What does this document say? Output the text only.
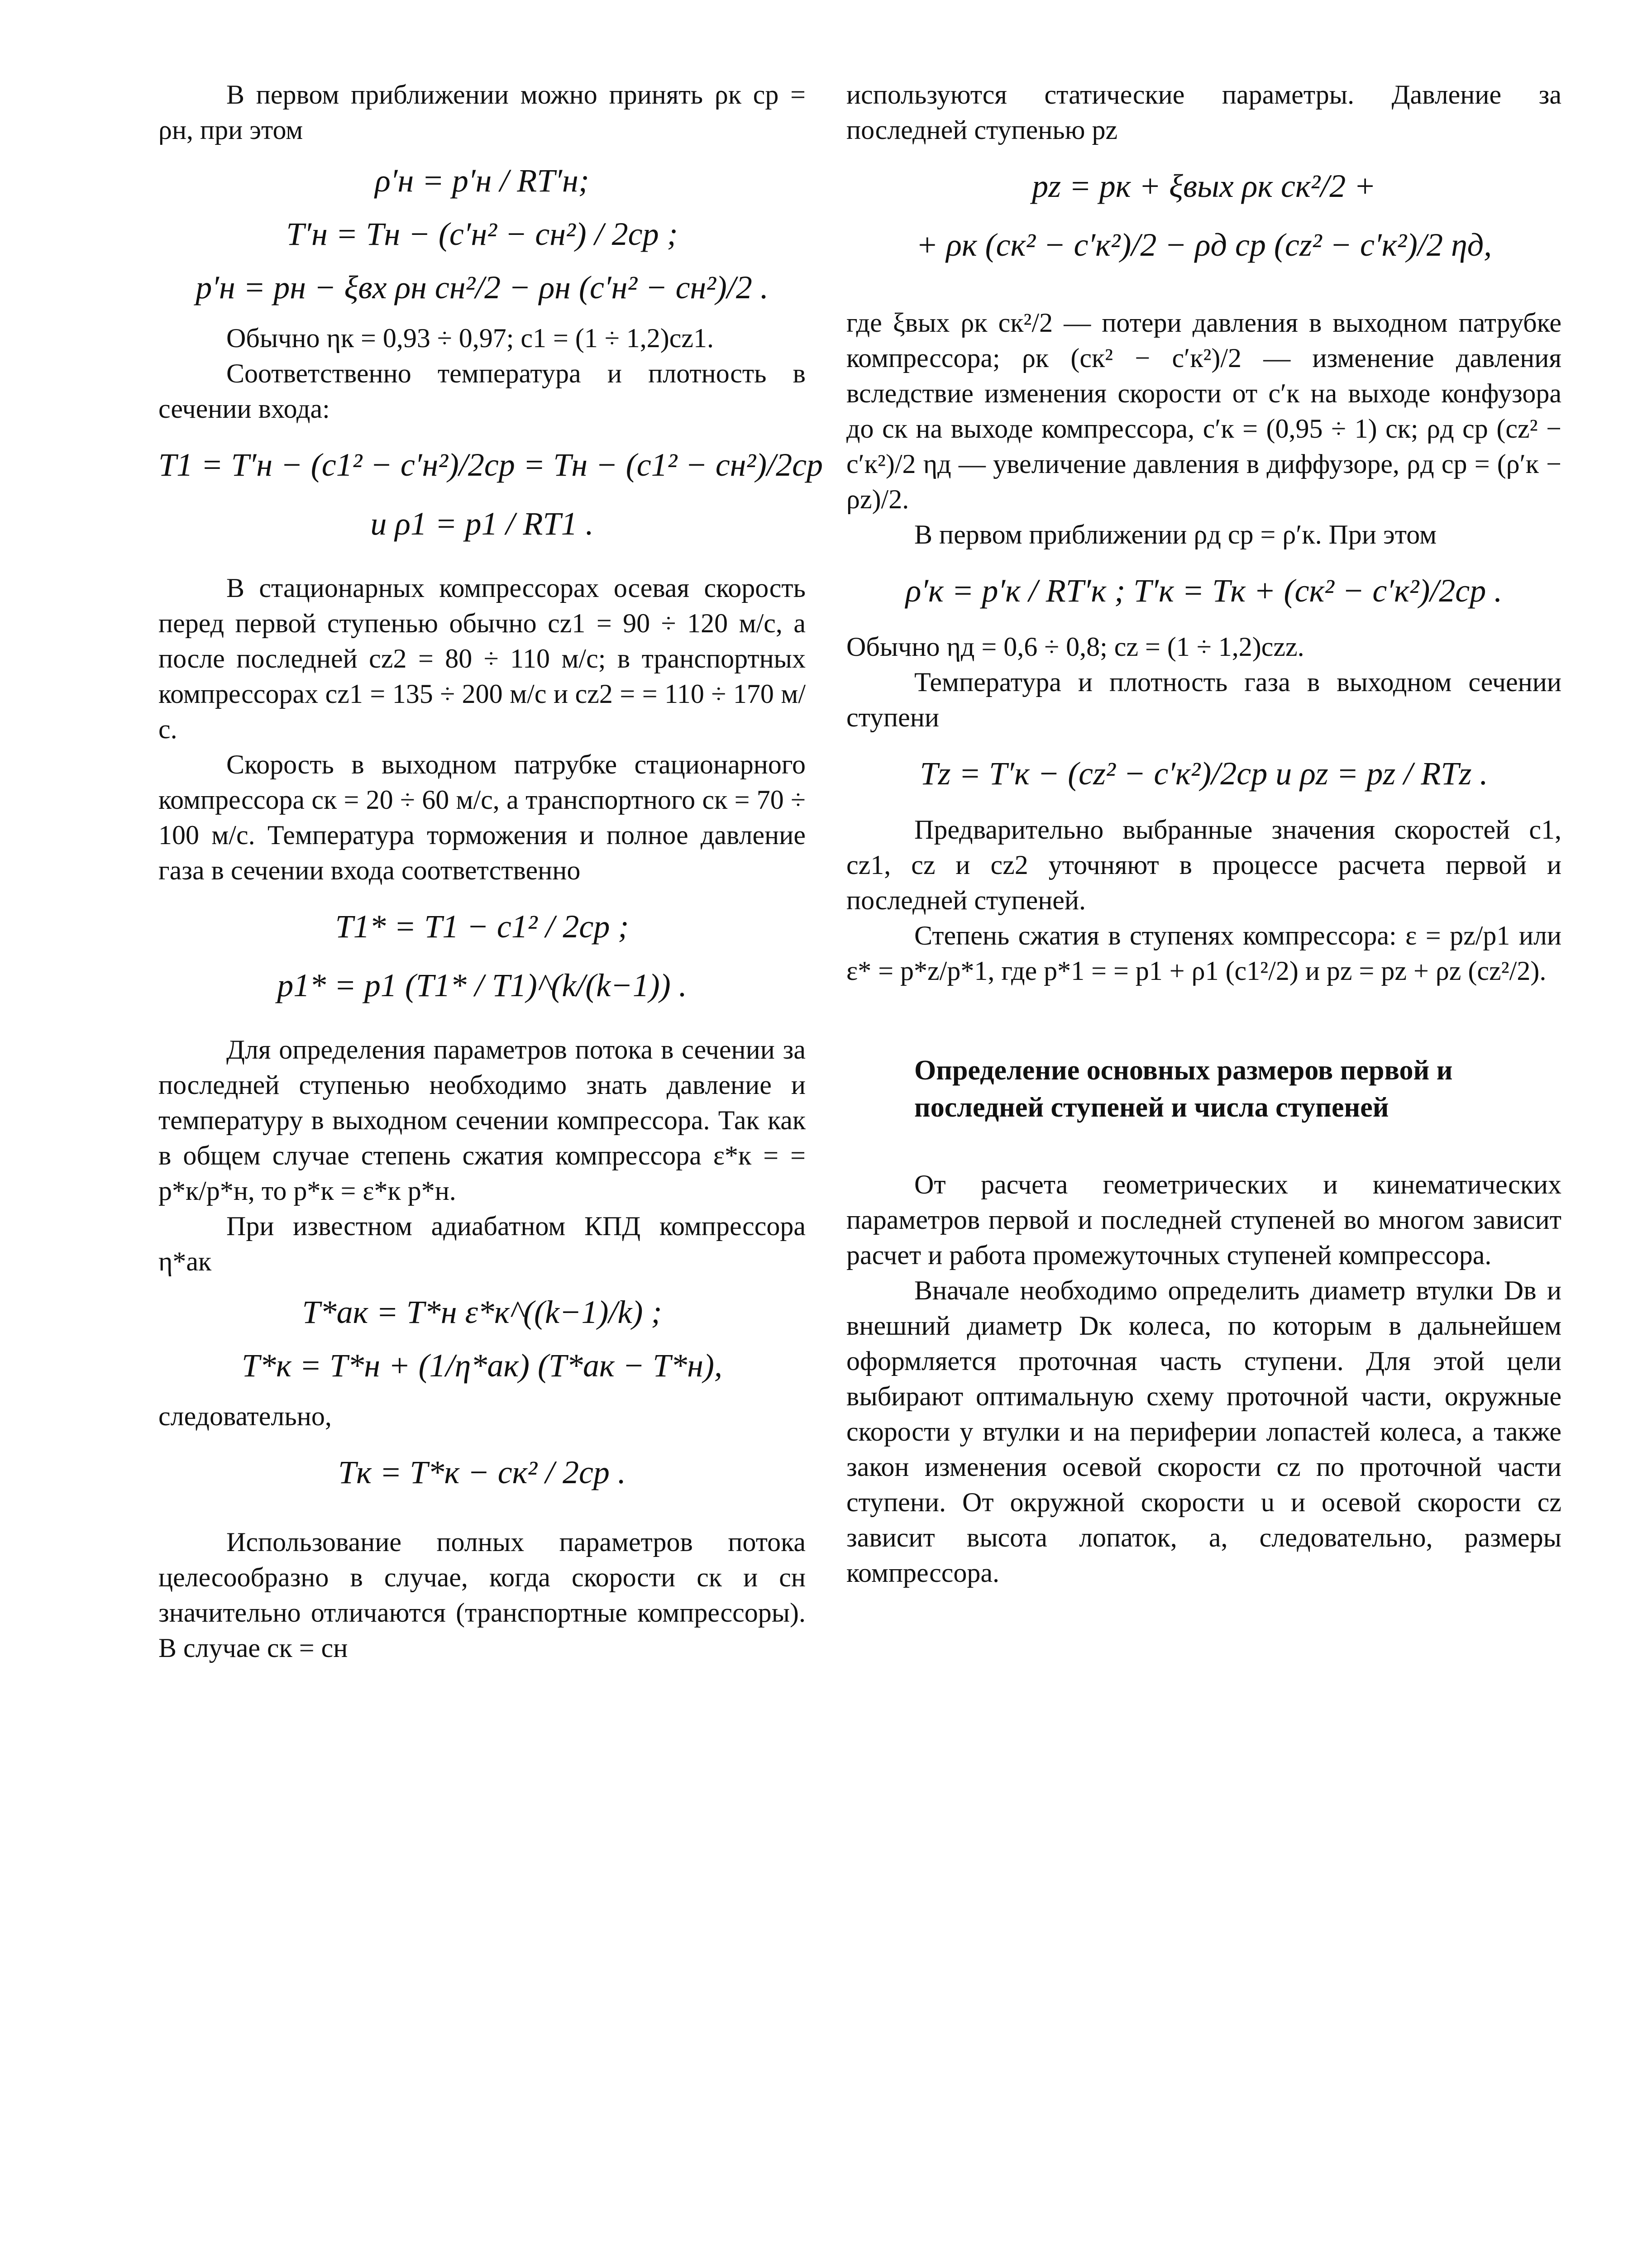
В первом приближении можно принять ρк ср = ρн, при этом

ρ′н = p′н / RT′н;
T′н = Tн − (c′н² − cн²) / 2cp ;
p′н = pн − ξвх ρн cн²/2 − ρн (c′н² − cн²)/2 .

Обычно ηк = 0,93 ÷ 0,97; c1 = (1 ÷ 1,2)cz1.

Соответственно температура и плотность в сечении входа:

T1 = T′н − (c1² − c′н²)/2cp = Tн − (c1² − cн²)/2cp
и ρ1 = p1 / RT1 .

В стационарных компрессорах осевая скорость перед первой ступенью обычно cz1 = 90 ÷ 120 м/с, а после последней cz2 = 80 ÷ 110 м/с; в транспортных компрессорах cz1 = 135 ÷ 200 м/с и cz2 = = 110 ÷ 170 м/с.

Скорость в выходном патрубке стационарного компрессора cк = 20 ÷ 60 м/с, а транспортного cк = 70 ÷ 100 м/с. Температура торможения и полное давление газа в сечении входа соответственно

T1* = T1 − c1² / 2cp ;
p1* = p1 (T1* / T1)^(k/(k−1)) .

Для определения параметров потока в сечении за последней ступенью необходимо знать давление и температуру в выходном сечении компрессора. Так как в общем случае степень сжатия компрессора ε*к = = p*к/p*н, то p*к = ε*к p*н.

При известном адиабатном КПД компрессора η*ак

T*ак = T*н ε*к^((k−1)/k) ;
T*к = T*н + (1/η*ак) (T*ак − T*н),

следовательно,

Tк = T*к − cк² / 2cp .

Использование полных параметров потока целесообразно в случае, когда скорости cк и cн значительно отличаются (транспортные компрессоры). В случае cк = cн

используются статические параметры. Давление за последней ступенью pz

pz = pк + ξвых ρк cк²/2 +
+ ρк (cк² − c′к²)/2 − ρд ср (cz² − c′к²)/2 ηд,

где ξвых ρк cк²/2 — потери давления в выходном патрубке компрессора; ρк (cк² − c′к²)/2 — изменение давления вследствие изменения скорости от c′к на выходе конфузора до cк на выходе компрессора, c′к = (0,95 ÷ 1) cк; ρд ср (cz² − c′к²)/2 ηд — увеличение давления в диффузоре, ρд ср = (ρ′к − ρz)/2.

В первом приближении ρд ср = ρ′к. При этом

ρ′к = p′к / RT′к ; T′к = Tк + (cк² − c′к²)/2cp .

Обычно ηд = 0,6 ÷ 0,8; cz = (1 ÷ 1,2)czz.

Температура и плотность газа в выходном сечении ступени

Tz = T′к − (cz² − c′к²)/2cp и ρz = pz / RTz .

Предварительно выбранные значения скоростей c1, cz1, cz и cz2 уточняют в процессе расчета первой и последней ступеней.

Степень сжатия в ступенях компрессора: ε = pz/p1 или ε* = p*z/p*1, где p*1 = = p1 + ρ1 (c1²/2) и pz = pz + ρz (cz²/2).

Определение основных размеров первой и последней ступеней и числа ступеней

От расчета геометрических и кинематических параметров первой и последней ступеней во многом зависит расчет и работа промежуточных ступеней компрессора.

Вначале необходимо определить диаметр втулки Dв и внешний диаметр Dк колеса, по которым в дальнейшем оформляется проточная часть ступени. Для этой цели выбирают оптимальную схему проточной части, окружные скорости у втулки и на периферии лопастей колеса, а также закон изменения осевой скорости cz по проточной части ступени. От окружной скорости u и осевой скорости cz зависит высота лопаток, а, следовательно, размеры компрессора.
